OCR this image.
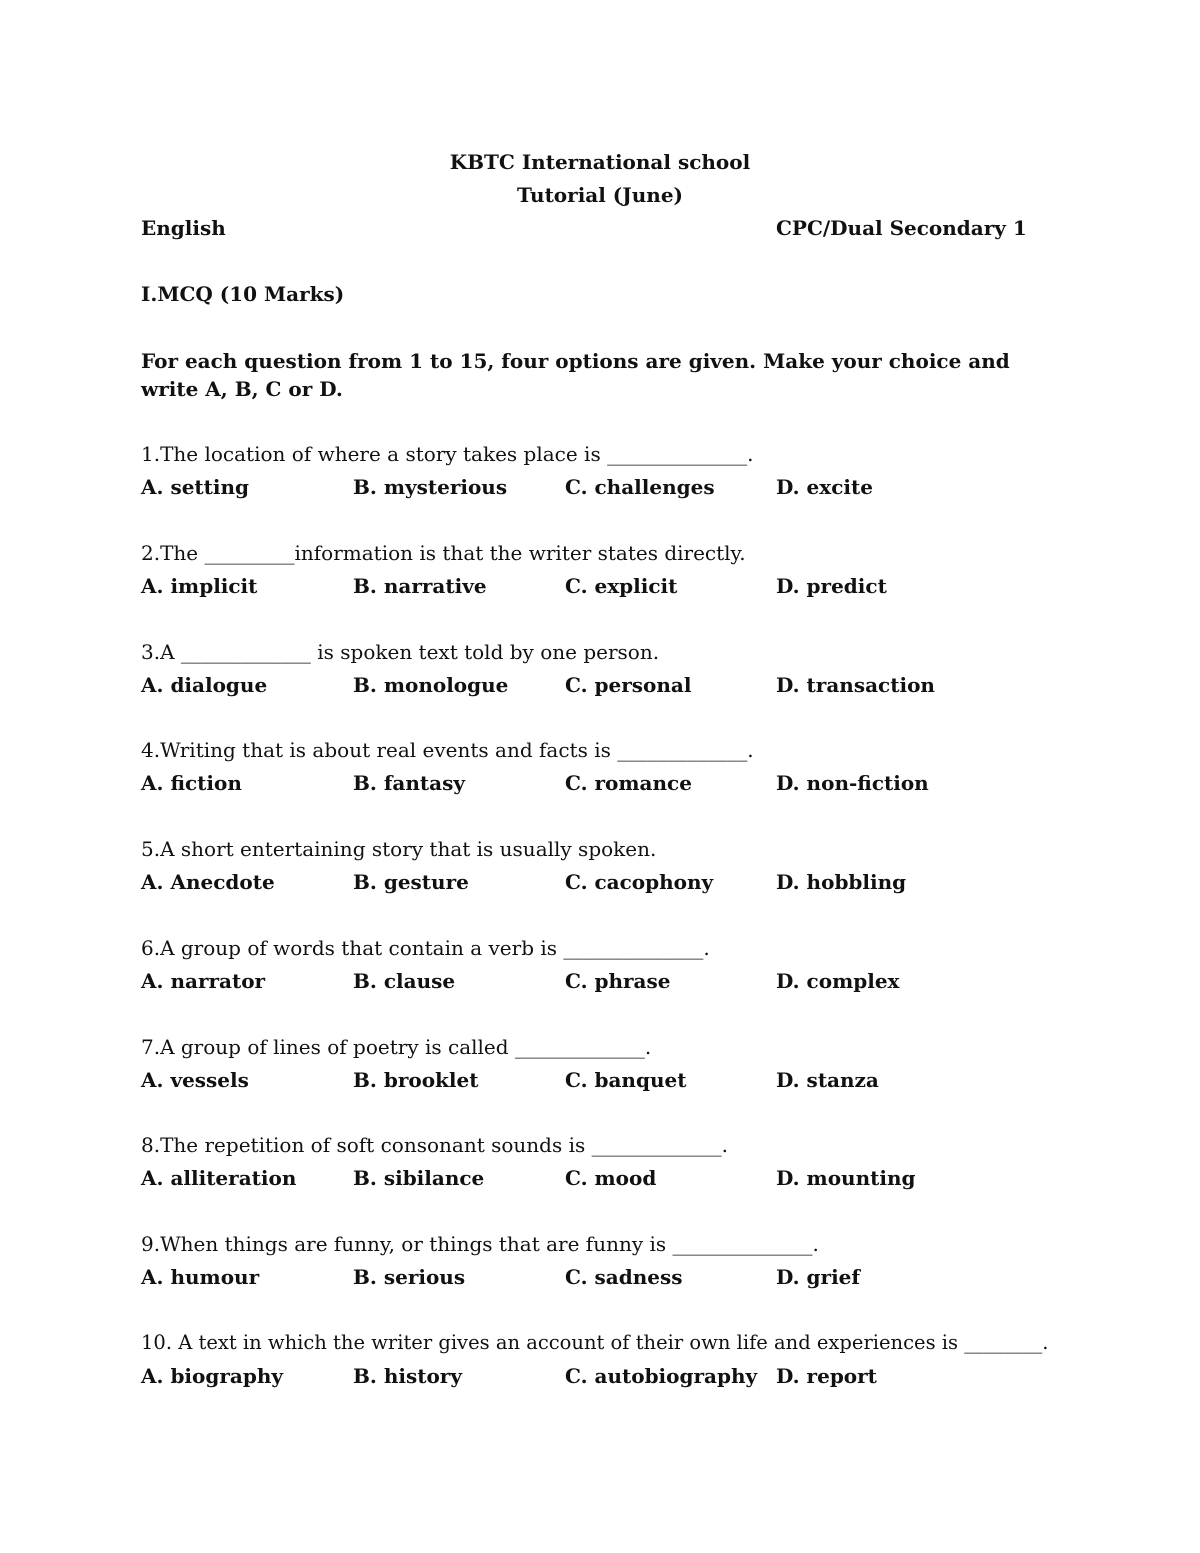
KBTC International school
Tutorial (June)
English	CPC/Dual Secondary 1
I.MCQ (10 Marks)
For each question from 1 to 15, four options are given. Make your choice and write A, B, C or D.
1.The location of where a story takes place is ______________.
A. setting	B. mysterious	C. challenges	D. excite
2.The _________information is that the writer states directly.
A. implicit	B. narrative	C. explicit	D. predict
3.A _____________ is spoken text told by one person.
A. dialogue	B. monologue	C. personal	D. transaction
4.Writing that is about real events and facts is _____________.
A. fiction	B. fantasy	C. romance	D. non-fiction
5.A short entertaining story that is usually spoken.
A. Anecdote	B. gesture	C. cacophony	D. hobbling
6.A group of words that contain a verb is ______________.
A. narrator	B. clause	C. phrase	D. complex
7.A group of lines of poetry is called _____________.
A. vessels	B. brooklet	C. banquet	D. stanza
8.The repetition of soft consonant sounds is _____________.
A. alliteration	B. sibilance	C. mood	D. mounting
9.When things are funny, or things that are funny is ______________.
A. humour	B. serious	C. sadness	D. grief
10. A text in which the writer gives an account of their own life and experiences is ________.
A. biography	B. history	C. autobiography D. report
